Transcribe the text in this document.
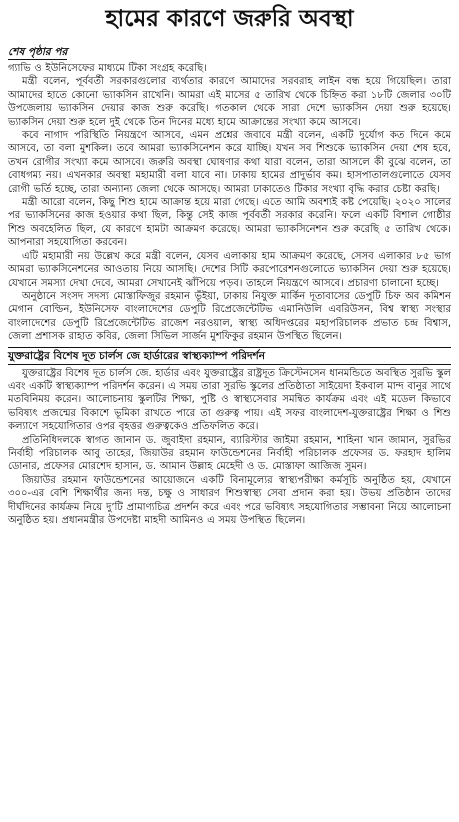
হামের কারণে জরুরি অবস্থা
শেষ পৃষ্ঠার পর

গ্যাভি ও ইউনিসেফের মাধ্যমে টিকা সংগ্রহ করেছি।

মন্ত্রী বলেন, পূর্ববর্তী সরকারগুলোর ব্যর্থতার কারণে আমাদের সরবরাহ লাইন বন্ধ হয়ে গিয়েছিল। তারা আমাদের হাতে কোনো ভ্যাকসিন রাখেনি। আমরা এই মাসের ৫ তারিখ থেকে চিহ্নিত করা ১৮টি জেলার ৩০টি উপজেলায় ভ্যাকসিন দেয়ার কাজ শুরু করেছি। গতকাল থেকে সারা দেশে ভ্যাকসিন দেয়া শুরু হয়েছে। ভ্যাকসিন দেয়া শুরু হলে দুই থেকে তিন দিনের মধ্যে হামে আক্রান্তের সংখ্যা কমে আসবে।

কবে নাগাদ পরিস্থিতি নিয়ন্ত্রণে আসবে, এমন প্রশ্নের জবাবে মন্ত্রী বলেন, একটি দুর্যোগ কত দিনে কমে আসবে, তা বলা মুশকিল। তবে আমরা ভ্যাকসিনেশন করে যাচ্ছি। যখন সব শিশুকে ভ্যাকসিন দেয়া শেষ হবে, তখন রোগীর সংখ্যা কমে আসবে। জরুরি অবস্থা ঘোষণার কথা যারা বলেন, তারা আসলে কী বুঝে বলেন, তা বোধগম্য নয়। এখনকার অবস্থা মহামারী বলা যাবে না। ঢাকায় হামের প্রাদুর্ভাব কম। হাসপাতালগুলোতে যেসব রোগী ভর্তি হচ্ছে, তারা অন্যান্য জেলা থেকে আসছে। আমরা ঢাকাতেও টিকার সংখ্যা বৃদ্ধি করার চেষ্টা করছি।

মন্ত্রী আরো বলেন, কিছু শিশু হামে আক্রান্ত হয়ে মারা গেছে। এতে আমি অবশ্যই কষ্ট পেয়েছি। ২০২০ সালের পর ভ্যাকসিনের কাজ হওয়ার কথা ছিল, কিন্তু সেই কাজ পূর্ববর্তী সরকার করেনি। ফলে একটি বিশাল গোষ্ঠীর শিশু অবহেলিত ছিল, যে কারণে হামটা আক্রমণ করেছে। আমরা ভ্যাকসিনেশন শুরু করেছি ৫ তারিখ থেকে। আপনারা সহযোগিতা করবেন।

এটি মহামারী নয় উল্লেখ করে মন্ত্রী বলেন, যেসব এলাকায় হাম আক্রমণ করেছে, সেসব এলাকার ৮৫ ভাগ আমরা ভ্যাকসিনেশনের আওতায় নিয়ে আসছি। দেশের সিটি করপোরেশনগুলোতে ভ্যাকসিন দেয়া শুরু হয়েছে। যেখানে সমস্যা দেখা দেবে, আমরা সেখানেই ঝাঁপিয়ে পড়ব। তাহলে নিয়ন্ত্রণে আসবে। প্রচারণা চালানো হচ্ছে।

অনুষ্ঠানে সংসদ সদস্য মোস্তাফিজুর রহমান ভূঁইয়া, ঢাকায় নিযুক্ত মার্কিন দূতাবাসের ডেপুটি চিফ অব কমিশন মেগান বোল্ডিন, ইউনিসেফ বাংলাদেশের ডেপুটি রিপ্রেজেন্টেটিভ এমানিউলি এবরিউসন, বিশ্ব স্বাস্থ্য সংস্থার বাংলাদেশের ডেপুটি রিপ্রেজেন্টেটিভ রাজেশ নরওয়াল, স্বাস্থ্য অধিদপ্তরের মহাপরিচালক প্রভাত চন্দ্র বিশ্বাস, জেলা প্রশাসক রাহাত কবির, জেলা সিভিল সার্জন মুশফিকুর রহমান উপস্থিত ছিলেন।

যুক্তরাষ্ট্রের বিশেষ দূত চার্লস জে হার্ডারের স্বাস্থ্যক্যাম্প পরিদর্শন

যুক্তরাষ্ট্রের বিশেষ দূত চার্লস জে. হার্ডার এবং যুক্তরাষ্ট্রের রাষ্ট্রদূত ক্রিস্টেনসেন ধানমন্ডিতে অবস্থিত সুরভি স্কুল এবং একটি স্বাস্থ্যক্যাম্প পরিদর্শন করেন। এ সময় তারা সুরভি স্কুলের প্রতিষ্ঠাতা সাইয়েদা ইকবাল মান্দ বানুর সাথে মতবিনিময় করেন। আলোচনায় স্কুলটির শিক্ষা, পুষ্টি ও স্বাস্থ্যসেবার সমন্বিত কার্যক্রম এবং এই মডেল কিভাবে ভবিষ্যৎ প্রজন্মের বিকাশে ভূমিকা রাখতে পারে তা গুরুত্ব পায়। এই সফর বাংলাদেশ-যুক্তরাষ্ট্রের শিক্ষা ও শিশু কল্যাণে সহযোগিতার ওপর বৃহত্তর গুরুত্বকেও প্রতিফলিত করে।

প্রতিনিধিদলকে স্বাগত জানান ড. জুবাইদা রহমান, ব্যারিস্টার জাইমা রহমান, শাহিনা খান জামান, সুরভির নির্বাহী পরিচালক আবু তাহের, জিয়াউর রহমান ফাউন্ডেশনের নির্বাহী পরিচালক প্রফেসর ড. ফরহাদ হালিম ডোনার, প্রফেসর মোরশেদ হাসান, ড. আমান উল্লাহ মেহেদী ও ড. মোস্তাফা আজিজ সুমন।

জিয়াউর রহমান ফাউন্ডেশনের আয়োজনে একটি বিনামূল্যের স্বাস্থ্যপরীক্ষা কর্মসূচি অনুষ্ঠিত হয়, যেখানে ৩০০-এর বেশি শিক্ষার্থীর জন্য দন্ত, চক্ষু ও সাধারণ শিশুস্বাস্থ্য সেবা প্রদান করা হয়। উভয় প্রতিষ্ঠান তাদের দীর্ঘদিনের কার্যক্রম নিয়ে দু’টি প্রামাণ্যচিত্র প্রদর্শন করে এবং পরে ভবিষ্যৎ সহযোগিতার সম্ভাবনা নিয়ে আলোচনা অনুষ্ঠিত হয়। প্রধানমন্ত্রীর উপদেষ্টা মাহদী আমিনও এ সময় উপস্থিত ছিলেন।
